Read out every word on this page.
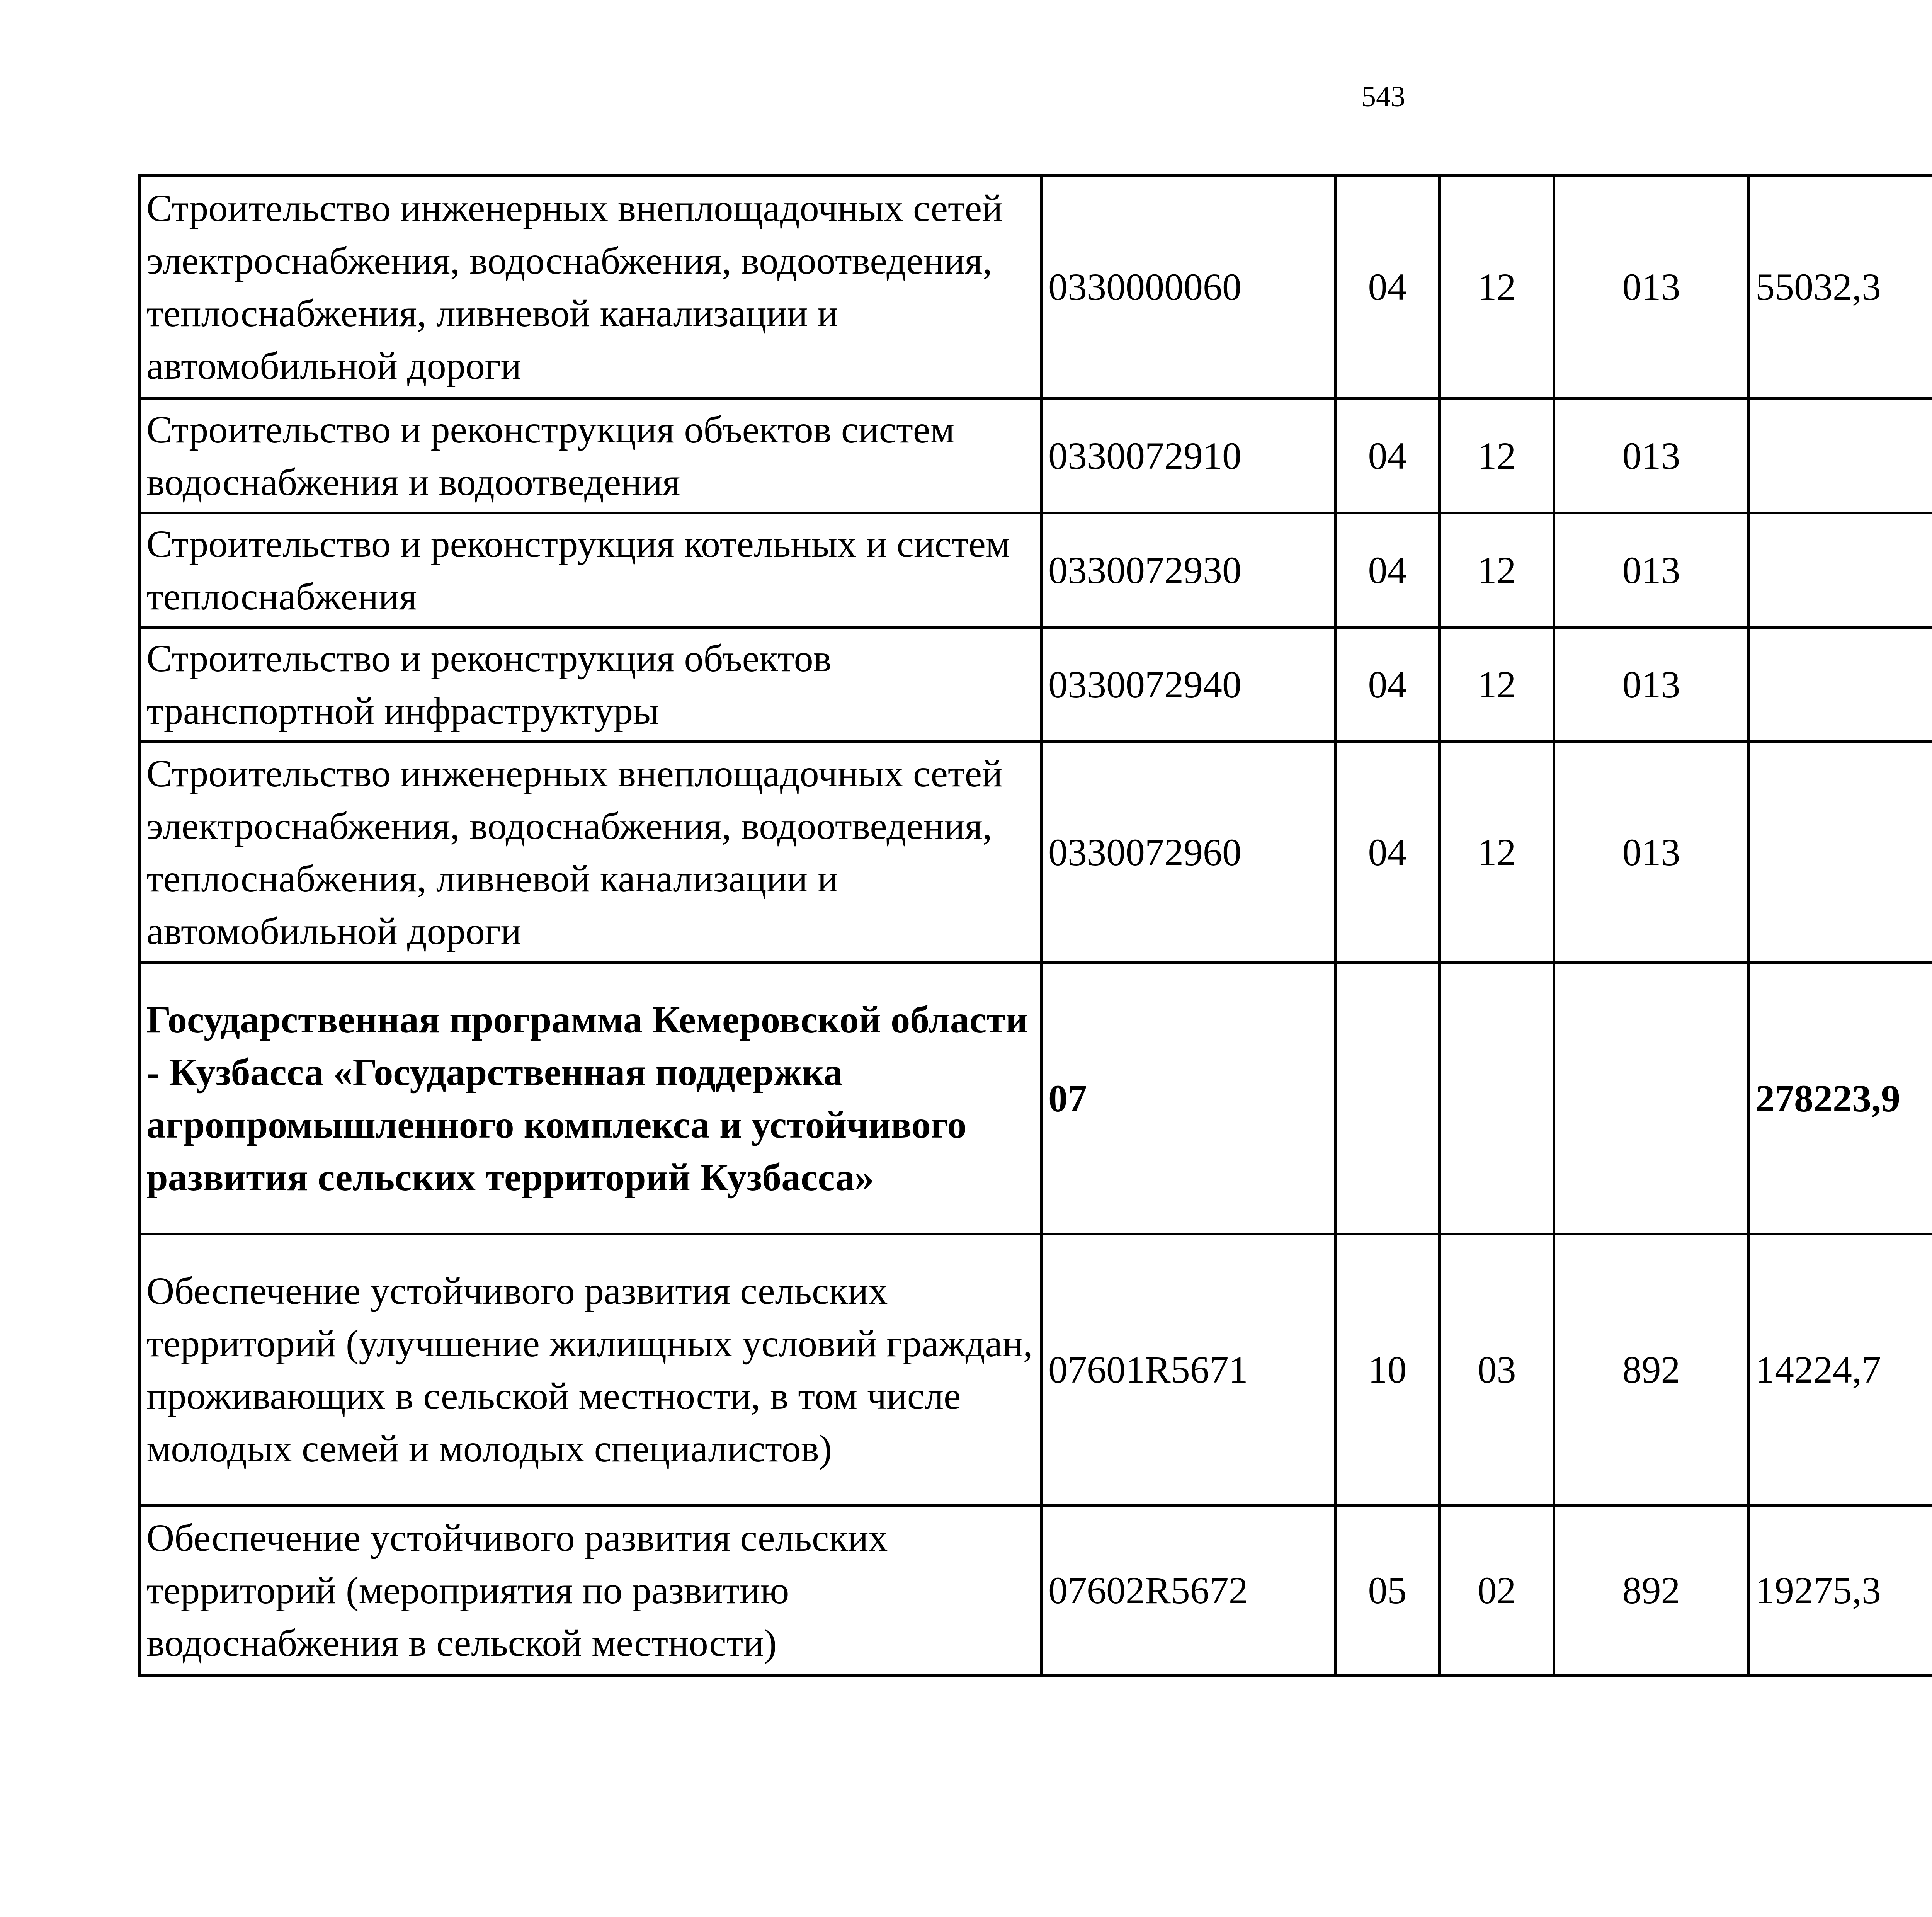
543
Строительство инженерных внеплощадочных сетей электроснабжения, водоснабжения, водоотведения, теплоснабжения, ливневой канализации и автомобильной дороги	0330000060	04	12	013	55032,3		
Строительство и реконструкция объектов систем водоснабжения и водоотведения	0330072910	04	12	013			
Строительство и реконструкция котельных и систем теплоснабжения	0330072930	04	12	013			
Строительство и реконструкция объектов транспортной инфраструктуры	0330072940	04	12	013			
Строительство инженерных внеплощадочных сетей электроснабжения, водоснабжения, водоотведения, теплоснабжения, ливневой канализации и автомобильной дороги	0330072960	04	12	013			
Государственная программа Кемеровской области - Кузбасса «Государственная поддержка агропромышленного комплекса и устойчивого развития сельских территорий Кузбасса»	07				278223,9		
Обеспечение устойчивого развития сельских территорий (улучшение жилищных условий граждан, проживающих в сельской местности, в том числе молодых семей и молодых специалистов)	07601R5671	10	03	892	14224,7		
Обеспечение устойчивого развития сельских территорий (мероприятия по развитию водоснабжения в сельской местности)	07602R5672	05	02	892	19275,3		
